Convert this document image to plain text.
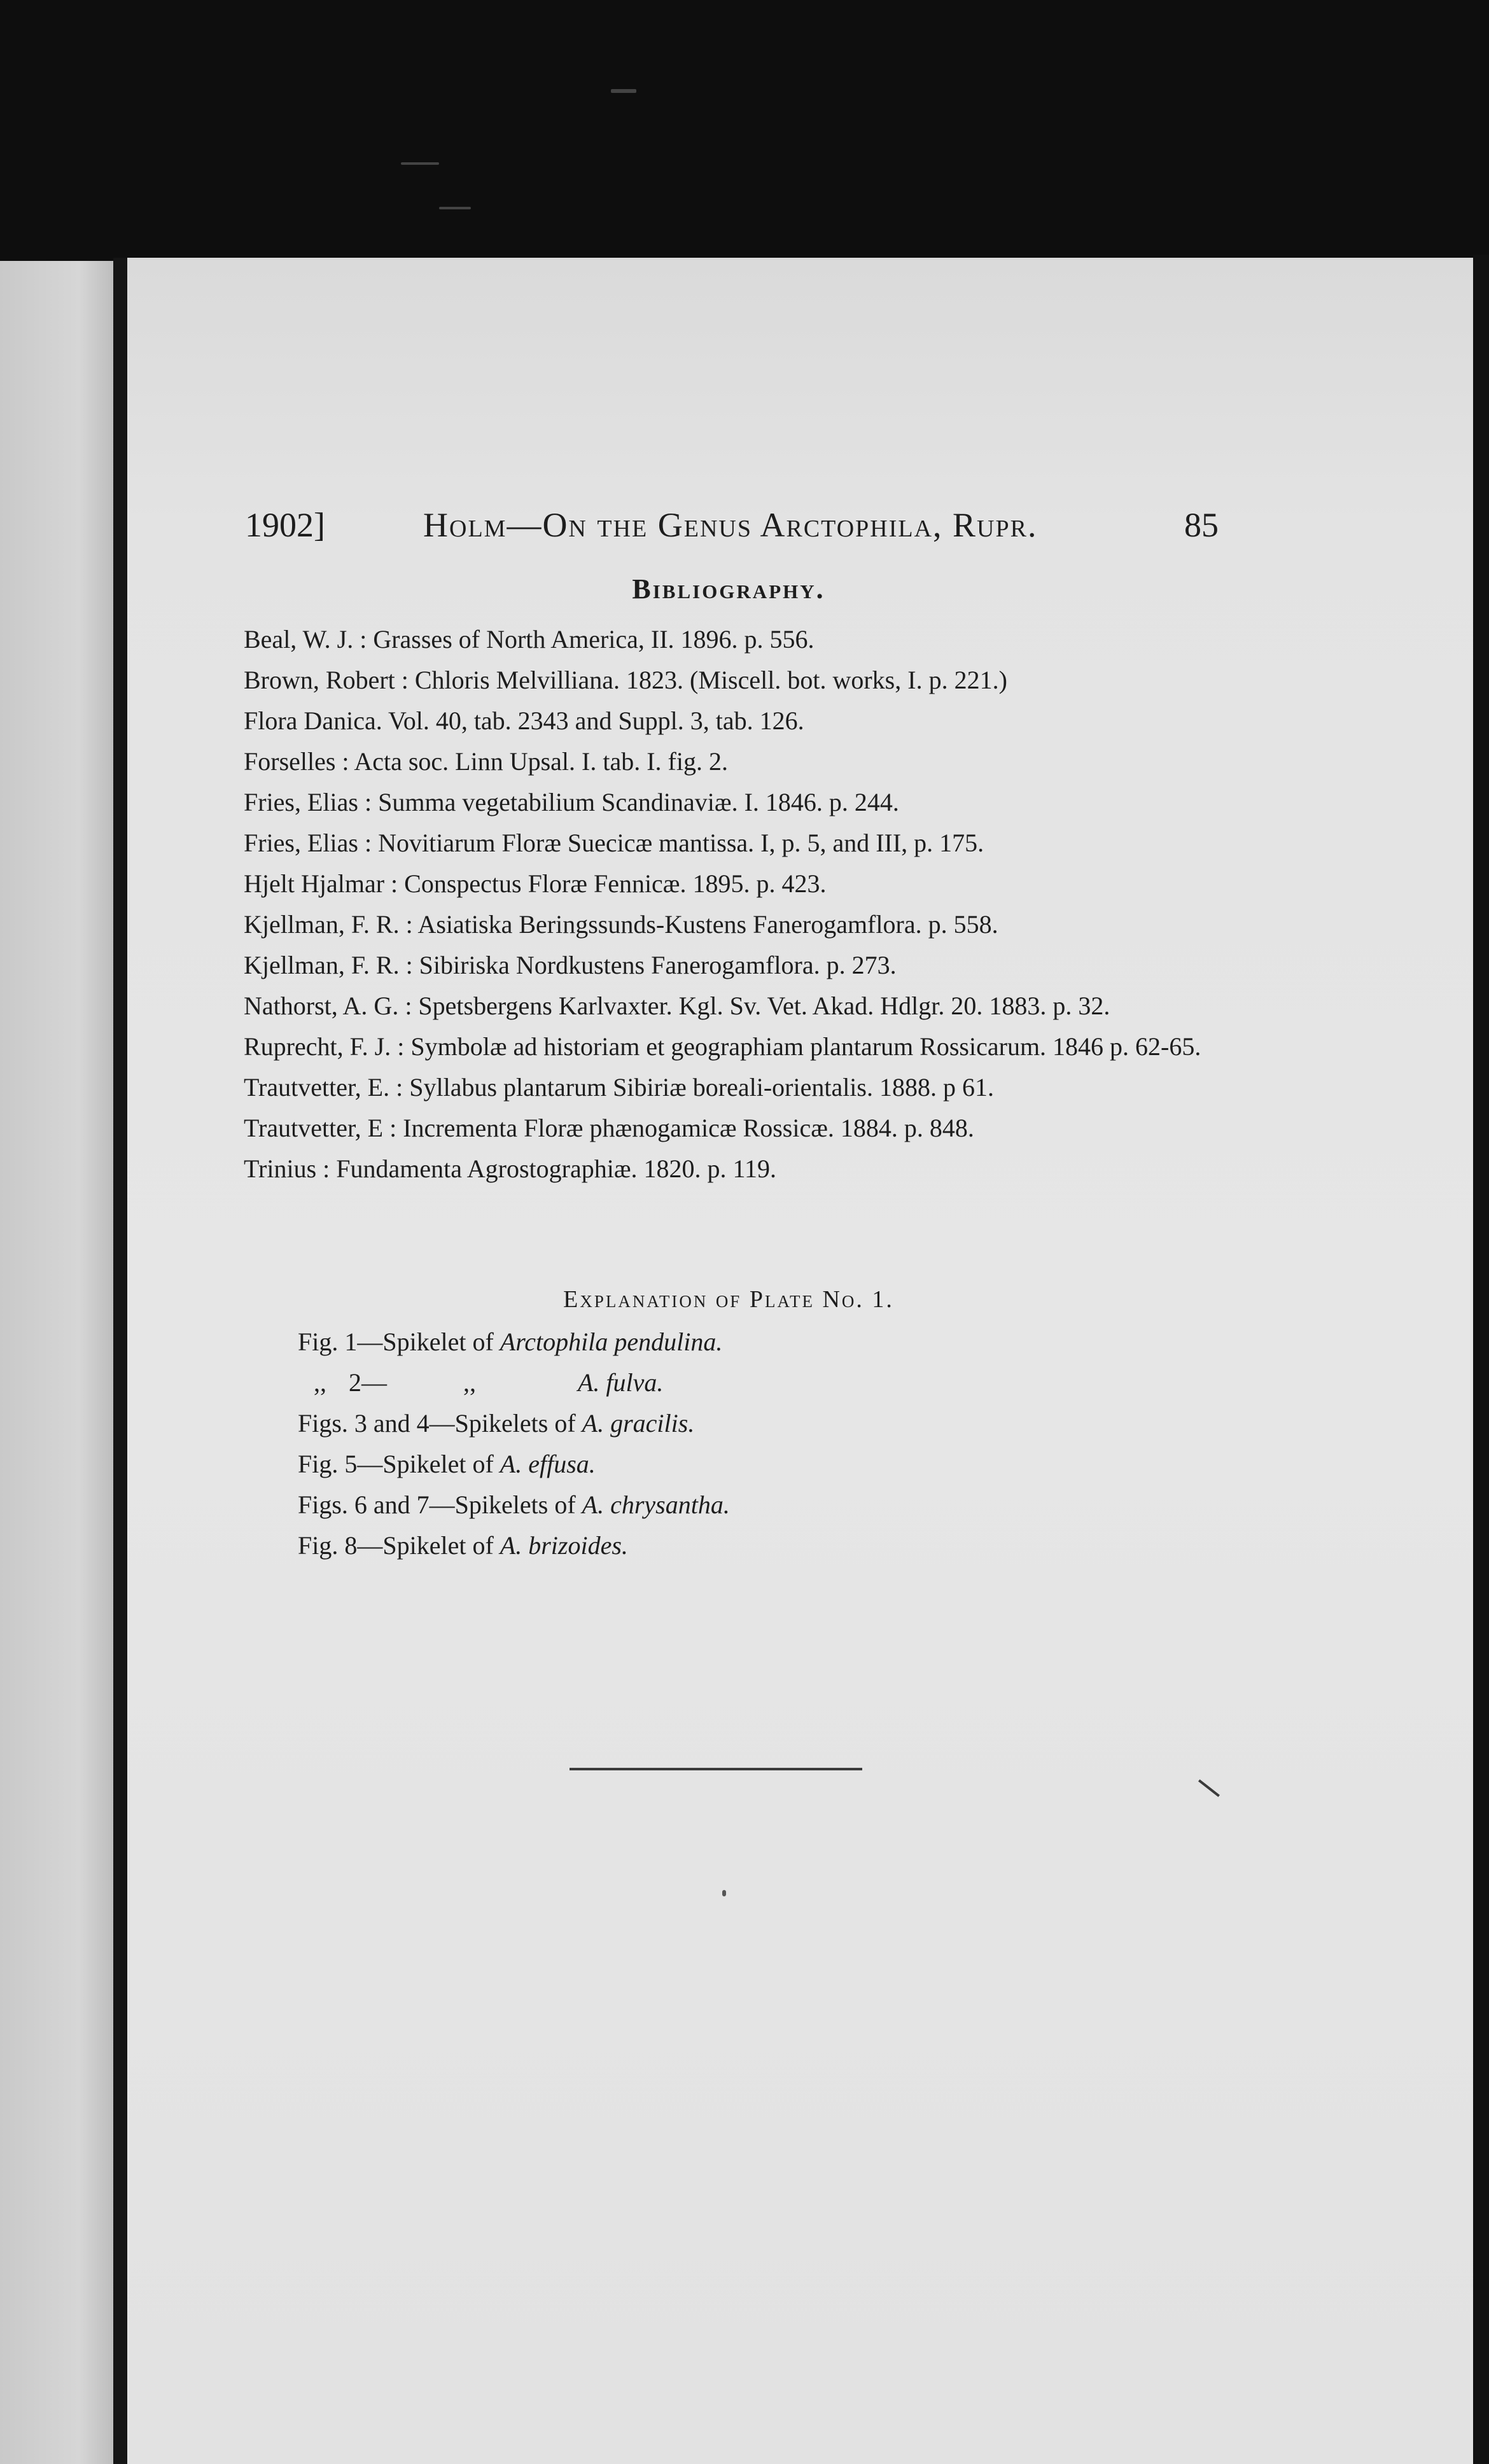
1902]	Holm—On the Genus Arctophila, Rupr.	85
Bibliography.
Beal, W. J. : Grasses of North America, II. 1896. p. 556.
Brown, Robert : Chloris Melvilliana. 1823. (Miscell. bot. works, I. p. 221.)
Flora Danica. Vol. 40, tab. 2343 and Suppl. 3, tab. 126.
Forselles : Acta soc. Linn Upsal. I. tab. I. fig. 2.
Fries, Elias : Summa vegetabilium Scandinaviæ. I. 1846. p. 244.
Fries, Elias : Novitiarum Floræ Suecicæ mantissa. I, p. 5, and III, p. 175.
Hjelt Hjalmar : Conspectus Floræ Fennicæ. 1895. p. 423.
Kjellman, F. R. : Asiatiska Beringssunds-Kustens Fanerogamflora. p. 558.
Kjellman, F. R. : Sibiriska Nordkustens Fanerogamflora. p. 273.
Nathorst, A. G. : Spetsbergens Karlvaxter. Kgl. Sv. Vet. Akad. Hdlgr. 20. 1883. p. 32.
Ruprecht, F. J. : Symbolæ ad historiam et geographiam plantarum Rossicarum. 1846 p. 62-65.
Trautvetter, E. : Syllabus plantarum Sibiriæ boreali-orientalis. 1888. p 61.
Trautvetter, E : Incrementa Floræ phænogamicæ Rossicæ. 1884. p. 848.
Trinius : Fundamenta Agrostographiæ. 1820. p. 119.
Explanation of Plate No. 1.
Fig. 1—Spikelet of Arctophila pendulina.
,, 2—	,,	A. fulva.
Figs. 3 and 4—Spikelets of A. gracilis.
Fig. 5—Spikelet of A. effusa.
Figs. 6 and 7—Spikelets of A. chrysantha.
Fig. 8—Spikelet of A. brizoides.
